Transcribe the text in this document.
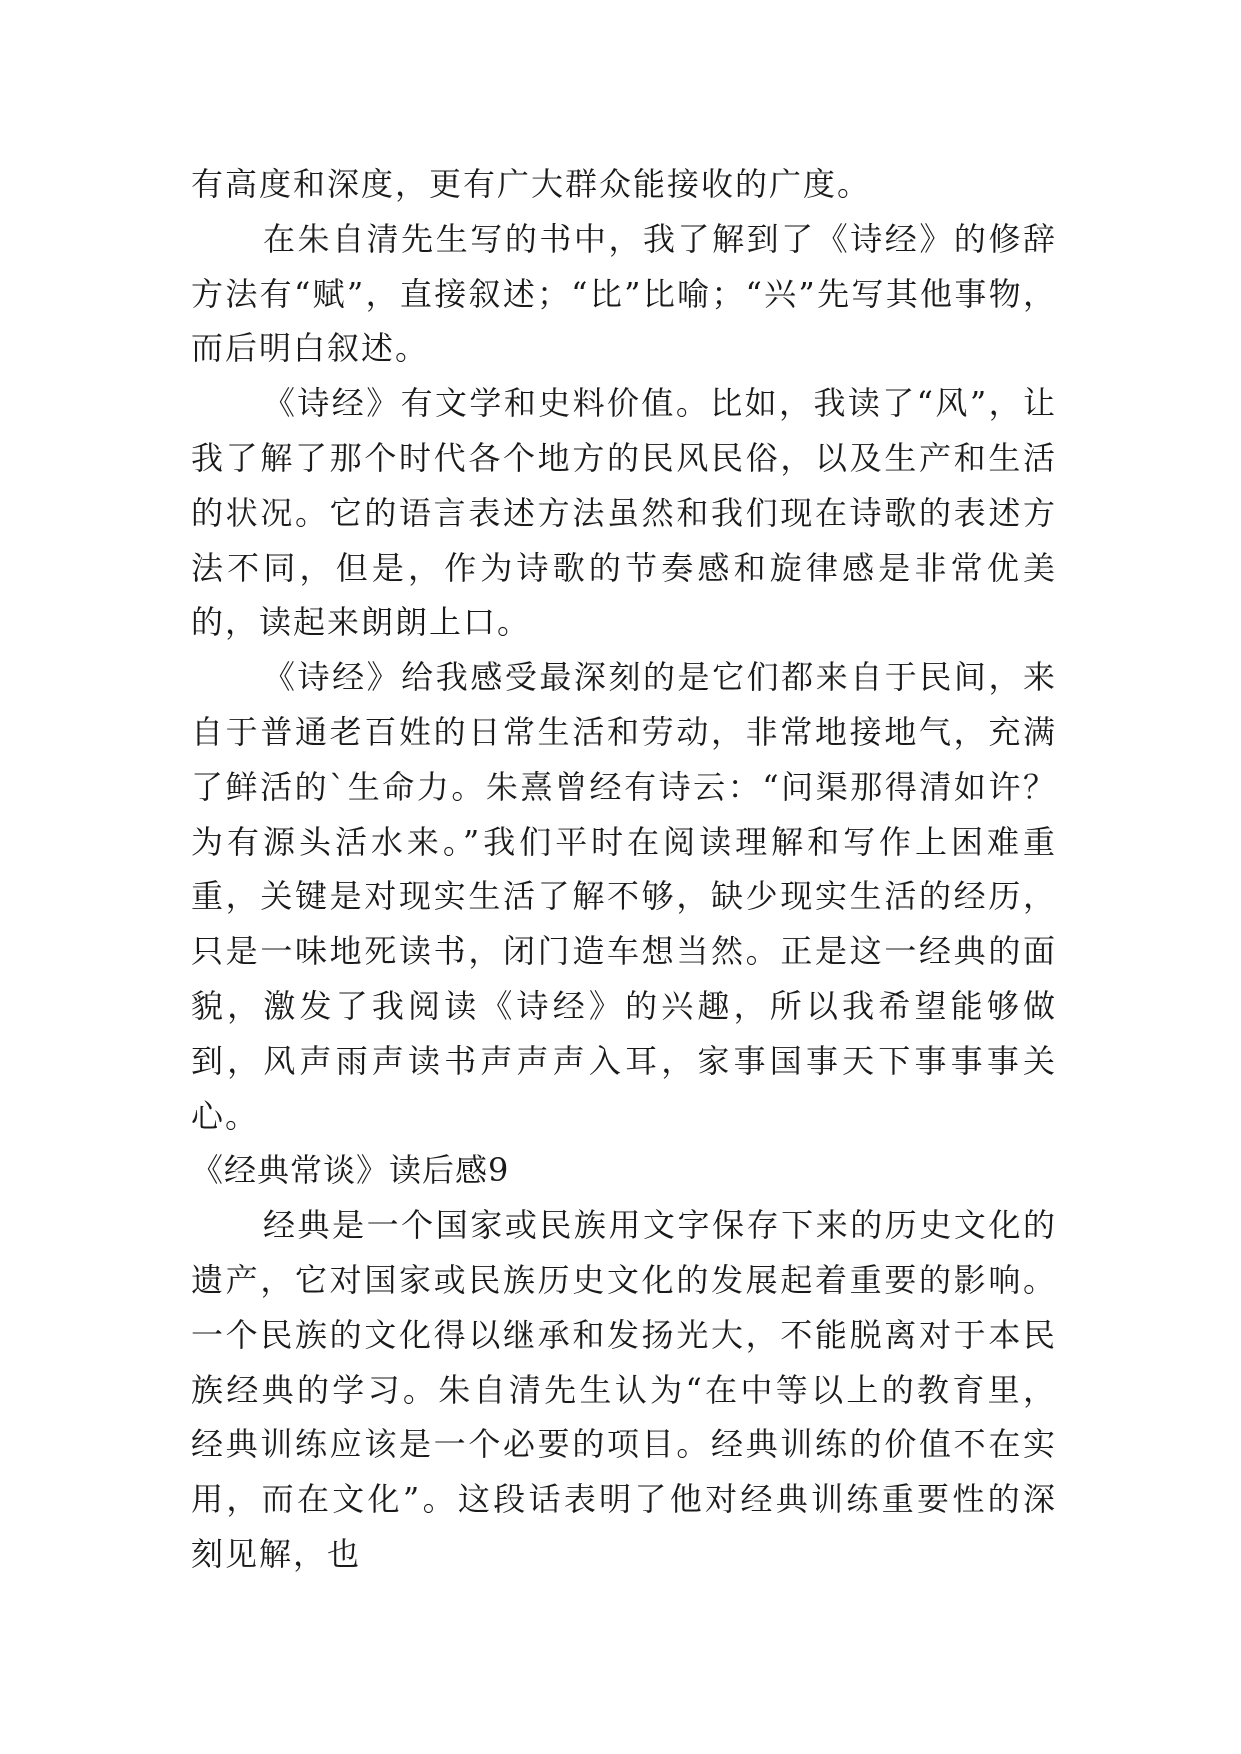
有高度和深度，更有广大群众能接收的广度。

在朱自清先生写的书中，我了解到了《诗经》的修辞方法有“赋”，直接叙述；“比”比喻；“兴”先写其他事物，而后明白叙述。

《诗经》有文学和史料价值。比如，我读了“风”，让我了解了那个时代各个地方的民风民俗，以及生产和生活的状况。它的语言表述方法虽然和我们现在诗歌的表述方法不同，但是，作为诗歌的节奏感和旋律感是非常优美的，读起来朗朗上口。

《诗经》给我感受最深刻的是它们都来自于民间，来自于普通老百姓的日常生活和劳动，非常地接地气，充满了鲜活的`生命力。朱熹曾经有诗云：“问渠那得清如许？为有源头活水来。”我们平时在阅读理解和写作上困难重重，关键是对现实生活了解不够，缺少现实生活的经历，只是一味地死读书，闭门造车想当然。正是这一经典的面貌，激发了我阅读《诗经》的兴趣，所以我希望能够做到，风声雨声读书声声声入耳，家事国事天下事事事关心。

《经典常谈》读后感9

经典是一个国家或民族用文字保存下来的历史文化的遗产，它对国家或民族历史文化的发展起着重要的影响。一个民族的文化得以继承和发扬光大，不能脱离对于本民族经典的学习。朱自清先生认为“在中等以上的教育里，经典训练应该是一个必要的项目。经典训练的价值不在实用，而在文化”。这段话表明了他对经典训练重要性的深刻见解，也
